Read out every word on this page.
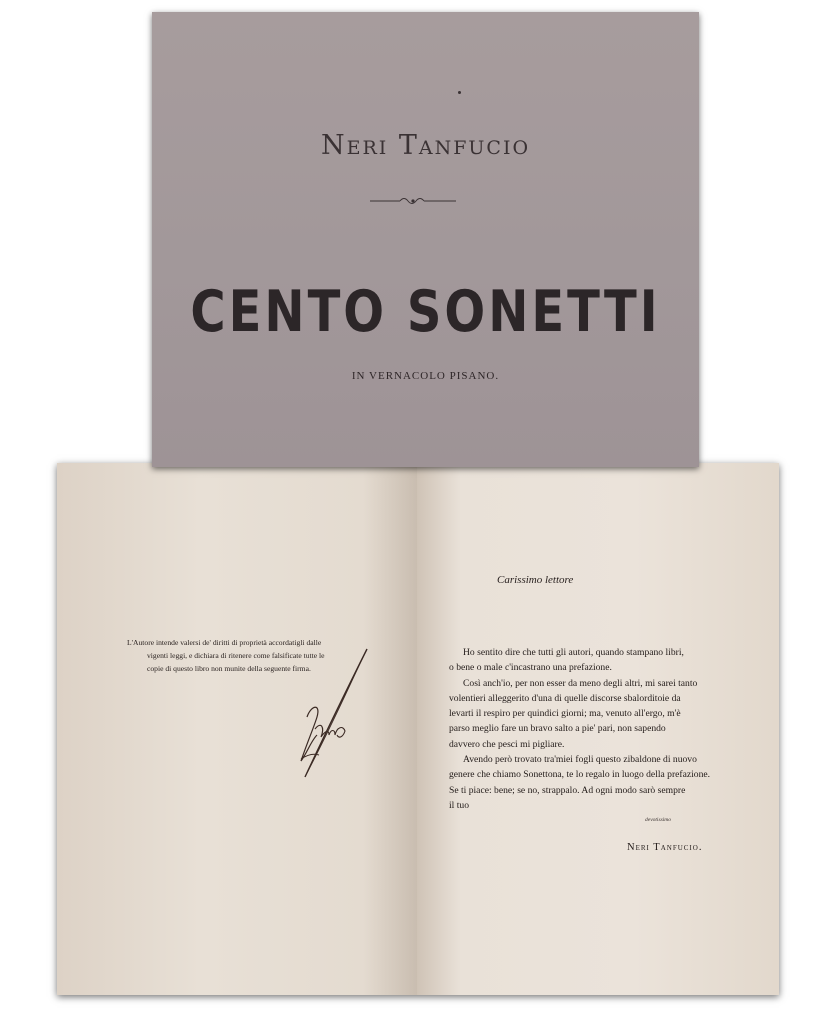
Neri Tanfucio
CENTO SONETTI
IN VERNACOLO PISANO.
L'Autore intende valersi de' diritti di proprietà accordatigli dalle
vigenti leggi, e dichiara di ritenere come falsificate tutte le
copie di questo libro non munite della seguente firma.
Carissimo lettore
Ho sentito dire che tutti gli autori, quando stampano libri,
o bene o male c'incastrano una prefazione.
Così anch'io, per non esser da meno degli altri, mi sarei tanto
volentieri alleggerito d'una di quelle discorse sbalorditoie da
levarti il respiro per quindici giorni; ma, venuto all'ergo, m'è
parso meglio fare un bravo salto a pie' pari, non sapendo
davvero che pesci mi pigliare.
Avendo però trovato tra'miei fogli questo zibaldone di nuovo
genere che chiamo Sonettona, te lo regalo in luogo della prefazione.
Se ti piace: bene; se no, strappalo. Ad ogni modo sarò sempre
il tuo
devotissimo
Neri Tanfucio.
